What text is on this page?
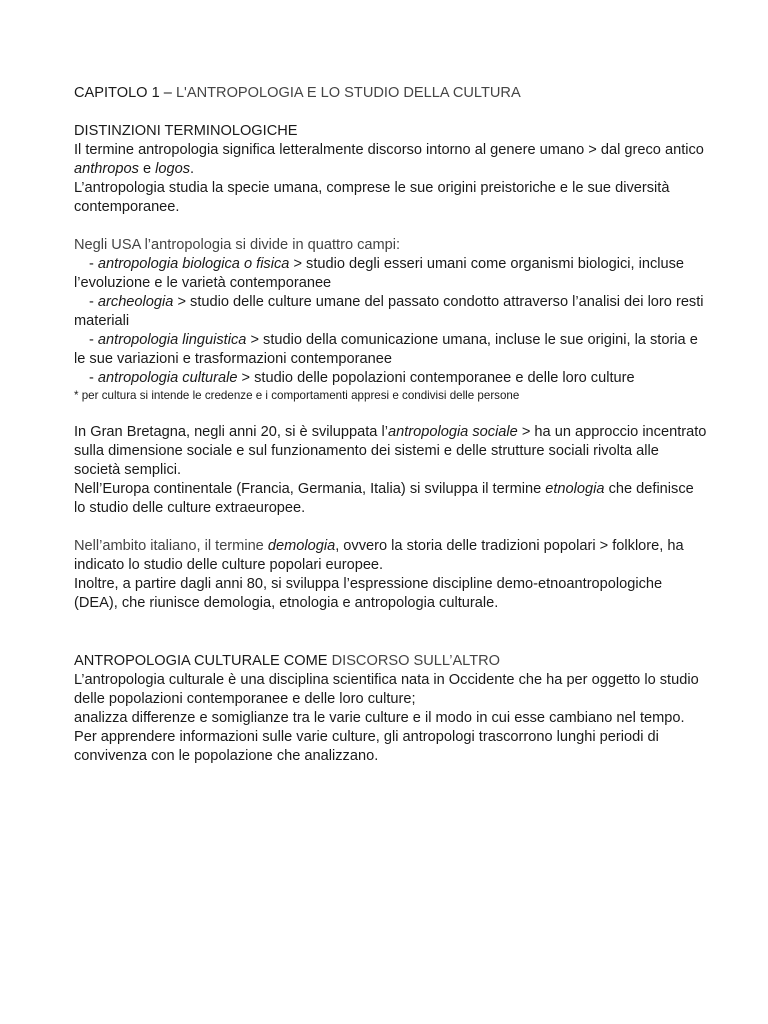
CAPITOLO 1 – L'ANTROPOLOGIA E LO STUDIO DELLA CULTURA

DISTINZIONI TERMINOLOGICHE

Il termine antropologia significa letteralmente discorso intorno al genere umano > dal greco antico anthropos e logos.

L’antropologia studia la specie umana, comprese le sue origini preistoriche e le sue diversità contemporanee.

Negli USA l’antropologia si divide in quattro campi:

- antropologia biologica o fisica > studio degli esseri umani come organismi biologici, incluse l’evoluzione e le varietà contemporanee

- archeologia > studio delle culture umane del passato condotto attraverso l’analisi dei loro resti materiali

- antropologia linguistica > studio della comunicazione umana, incluse le sue origini, la storia e le sue variazioni e trasformazioni contemporanee

- antropologia culturale > studio delle popolazioni contemporanee e delle loro culture

* per cultura si intende le credenze e i comportamenti appresi e condivisi delle persone

In Gran Bretagna, negli anni 20, si è sviluppata l’antropologia sociale > ha un approccio incentrato sulla dimensione sociale e sul funzionamento dei sistemi e delle strutture sociali rivolta alle società semplici.

Nell’Europa continentale (Francia, Germania, Italia) si sviluppa il termine etnologia che definisce lo studio delle culture extraeuropee.

Nell’ambito italiano, il termine demologia, ovvero la storia delle tradizioni popolari > folklore, ha indicato lo studio delle culture popolari europee.

Inoltre, a partire dagli anni 80, si sviluppa l’espressione discipline demo-etnoantropologiche (DEA), che riunisce demologia, etnologia e antropologia culturale.

ANTROPOLOGIA CULTURALE COME DISCORSO SULL’ALTRO

L’antropologia culturale è una disciplina scientifica nata in Occidente che ha per oggetto lo studio delle popolazioni contemporanee e delle loro culture;

analizza differenze e somiglianze tra le varie culture e il modo in cui esse cambiano nel tempo.

Per apprendere informazioni sulle varie culture, gli antropologi trascorrono lunghi periodi di convivenza con le popolazione che analizzano.
